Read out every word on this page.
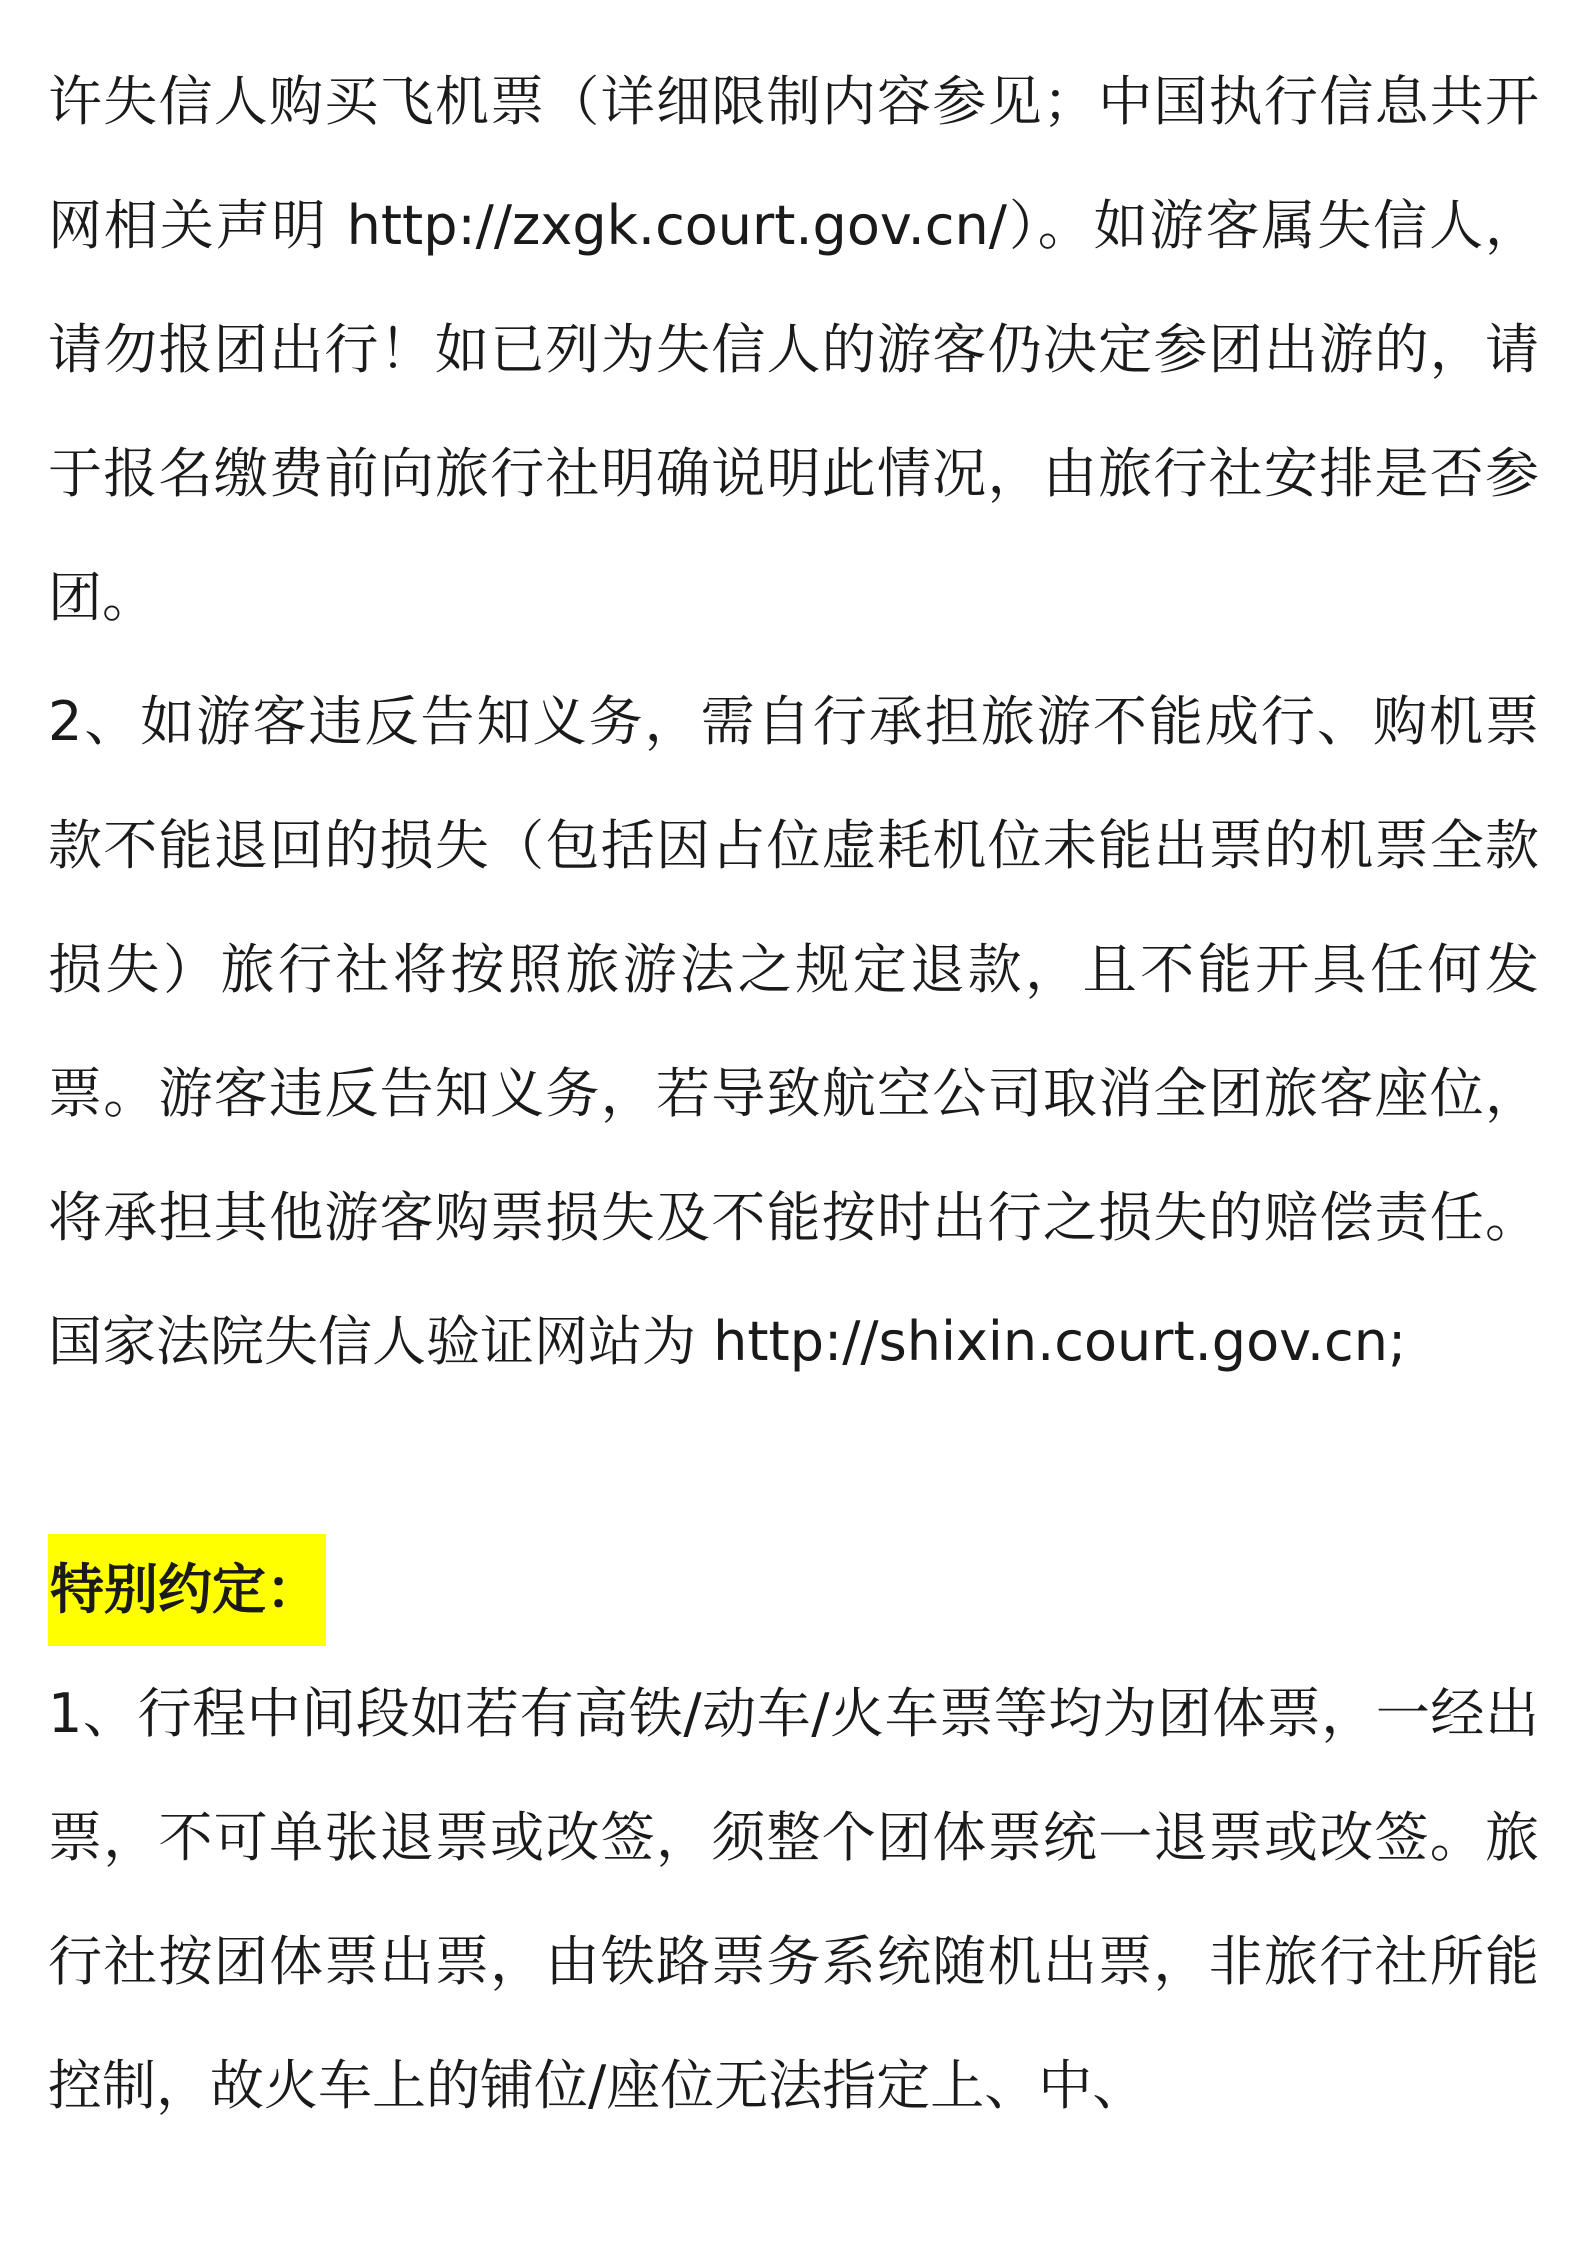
许失信人购买飞机票（详细限制内容参见；中国执行信息共开网相关声明 http://zxgk.court.gov.cn/）。如游客属失信人，请勿报团出行！如已列为失信人的游客仍决定参团出游的，请于报名缴费前向旅行社明确说明此情况，由旅行社安排是否参团。

2、如游客违反告知义务，需自行承担旅游不能成行、购机票款不能退回的损失（包括因占位虚耗机位未能出票的机票全款损失）旅行社将按照旅游法之规定退款，且不能开具任何发票。游客违反告知义务，若导致航空公司取消全团旅客座位，将承担其他游客购票损失及不能按时出行之损失的赔偿责任。国家法院失信人验证网站为 http://shixin.court.gov.cn;

特别约定：

1、行程中间段如若有高铁/动车/火车票等均为团体票，一经出票，不可单张退票或改签，须整个团体票统一退票或改签。旅行社按团体票出票，由铁路票务系统随机出票，非旅行社所能控制，故火车上的铺位/座位无法指定上、中、
